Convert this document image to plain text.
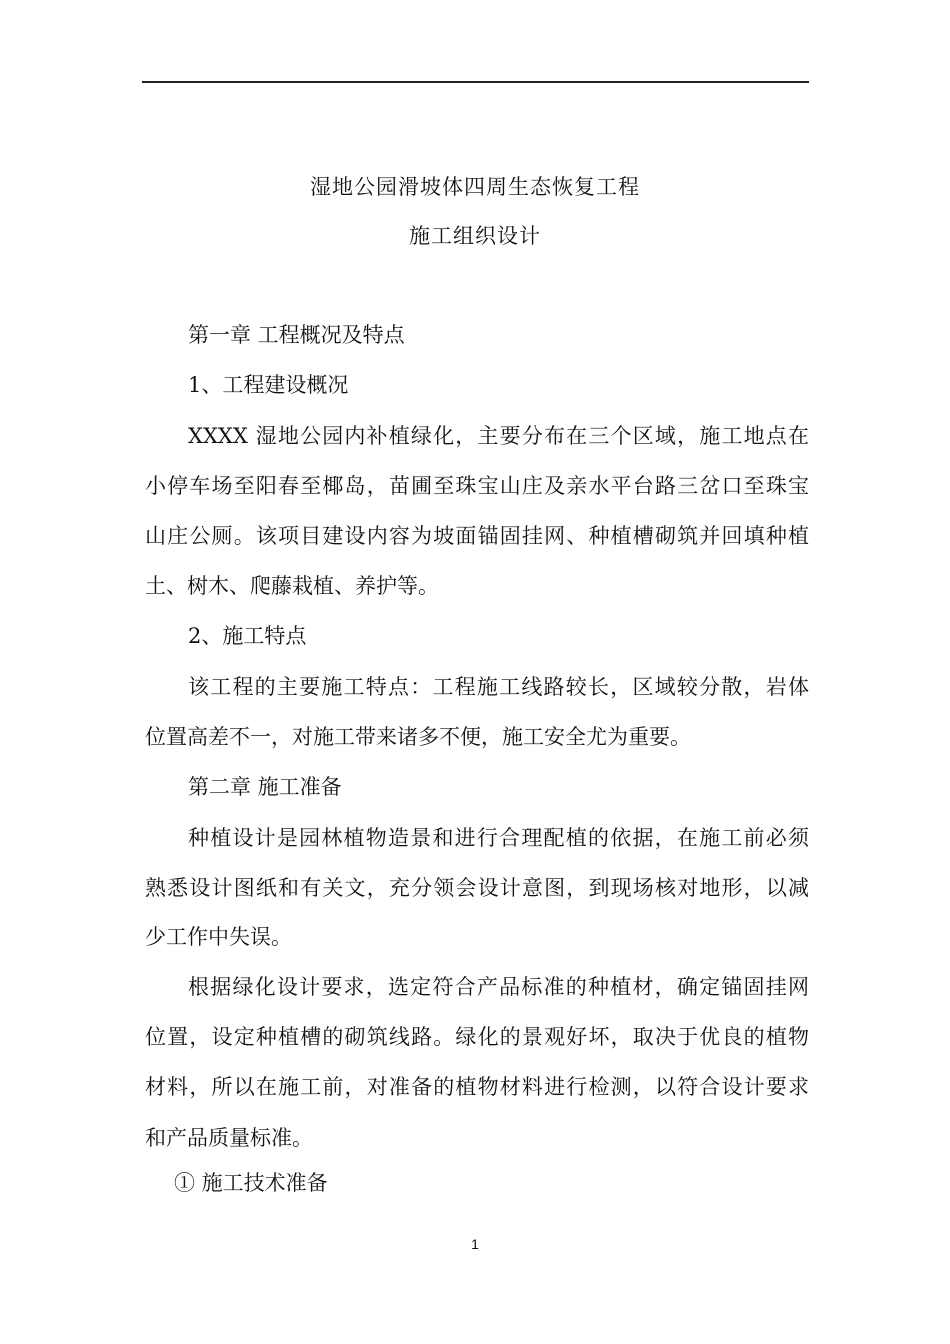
湿地公园滑坡体四周生态恢复工程
施工组织设计
第一章 工程概况及特点
1、工程建设概况
XXXX 湿地公园内补植绿化，主要分布在三个区域，施工地点在
小停车场至阳春至椰岛，苗圃至珠宝山庄及亲水平台路三岔口至珠宝
山庄公厕。该项目建设内容为坡面锚固挂网、种植槽砌筑并回填种植
土、树木、爬藤栽植、养护等。
2、施工特点
该工程的主要施工特点：工程施工线路较长，区域较分散，岩体
位置高差不一，对施工带来诸多不便，施工安全尤为重要。
第二章 施工准备
种植设计是园林植物造景和进行合理配植的依据，在施工前必须
熟悉设计图纸和有关文，充分领会设计意图，到现场核对地形，以减
少工作中失误。
根据绿化设计要求，选定符合产品标准的种植材，确定锚固挂网
位置，设定种植槽的砌筑线路。绿化的景观好坏，取决于优良的植物
材料，所以在施工前，对准备的植物材料进行检测，以符合设计要求
和产品质量标准。
① 施工技术准备
1
